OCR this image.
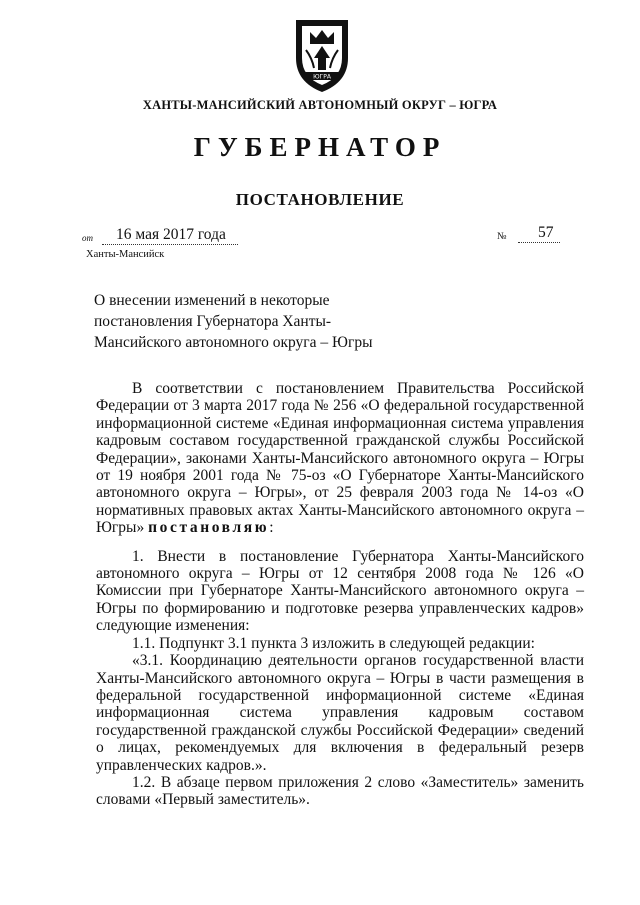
ЮГРА
ХАНТЫ-МАНСИЙСКИЙ АВТОНОМНЫЙ ОКРУГ – ЮГРА
ГУБЕРНАТОР
ПОСТАНОВЛЕНИЕ
от	16 мая 2017 года	№	57
Ханты-Мансийск
О внесении изменений в некоторые постановления Губернатора Ханты-Мансийского автономного округа – Югры

В соответствии с постановлением Правительства Российской Федерации от 3 марта 2017 года № 256 «О федеральной государственной информационной системе «Единая информационная система управления кадровым составом государственной гражданской службы Российской Федерации», законами Ханты-Мансийского автономного округа – Югры от 19 ноября 2001 года № 75-оз «О Губернаторе Ханты-Мансийского автономного округа – Югры», от 25 февраля 2003 года № 14-оз «О нормативных правовых актах Ханты-Мансийского автономного округа – Югры» постановляю:

1. Внести в постановление Губернатора Ханты-Мансийского автономного округа – Югры от 12 сентября 2008 года № 126 «О Комиссии при Губернаторе Ханты-Мансийского автономного округа – Югры по формированию и подготовке резерва управленческих кадров» следующие изменения:

1.1. Подпункт 3.1 пункта 3 изложить в следующей редакции:

«3.1. Координацию деятельности органов государственной власти Ханты-Мансийского автономного округа – Югры в части размещения в федеральной государственной информационной системе «Единая информационная система управления кадровым составом государственной гражданской службы Российской Федерации» сведений о лицах, рекомендуемых для включения в федеральный резерв управленческих кадров.».

1.2. В абзаце первом приложения 2 слово «Заместитель» заменить словами «Первый заместитель».
